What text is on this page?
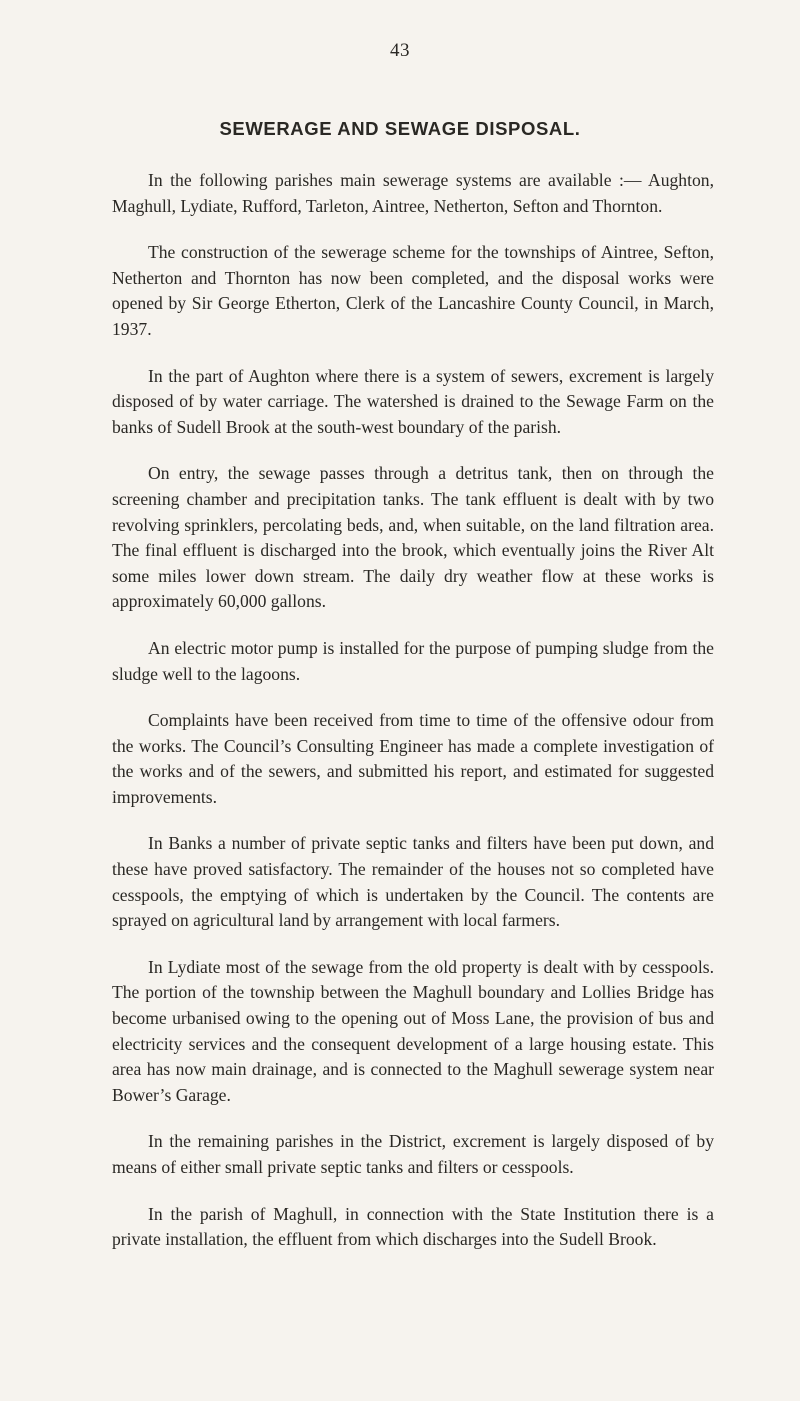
43
SEWERAGE AND SEWAGE DISPOSAL.

In the following parishes main sewerage systems are available :— Aughton, Maghull, Lydiate, Rufford, Tarleton, Aintree, Netherton, Sefton and Thornton.

The construction of the sewerage scheme for the townships of Aintree, Sefton, Netherton and Thornton has now been completed, and the disposal works were opened by Sir George Etherton, Clerk of the Lancashire County Council, in March, 1937.

In the part of Aughton where there is a system of sewers, excrement is largely disposed of by water carriage. The watershed is drained to the Sewage Farm on the banks of Sudell Brook at the south-west boundary of the parish.

On entry, the sewage passes through a detritus tank, then on through the screening chamber and precipitation tanks. The tank effluent is dealt with by two revolving sprinklers, percolating beds, and, when suitable, on the land filtration area. The final effluent is discharged into the brook, which eventually joins the River Alt some miles lower down stream. The daily dry weather flow at these works is approximately 60,000 gallons.

An electric motor pump is installed for the purpose of pumping sludge from the sludge well to the lagoons.

Complaints have been received from time to time of the offensive odour from the works. The Council’s Consulting Engineer has made a complete investigation of the works and of the sewers, and submitted his report, and estimated for suggested improvements.

In Banks a number of private septic tanks and filters have been put down, and these have proved satisfactory. The remainder of the houses not so completed have cesspools, the emptying of which is undertaken by the Council. The contents are sprayed on agricultural land by arrangement with local farmers.

In Lydiate most of the sewage from the old property is dealt with by cesspools. The portion of the township between the Maghull boundary and Lollies Bridge has become urbanised owing to the opening out of Moss Lane, the provision of bus and electricity services and the consequent development of a large housing estate. This area has now main drainage, and is connected to the Maghull sewerage system near Bower’s Garage.

In the remaining parishes in the District, excrement is largely disposed of by means of either small private septic tanks and filters or cesspools.

In the parish of Maghull, in connection with the State Institution there is a private installation, the effluent from which discharges into the Sudell Brook.
